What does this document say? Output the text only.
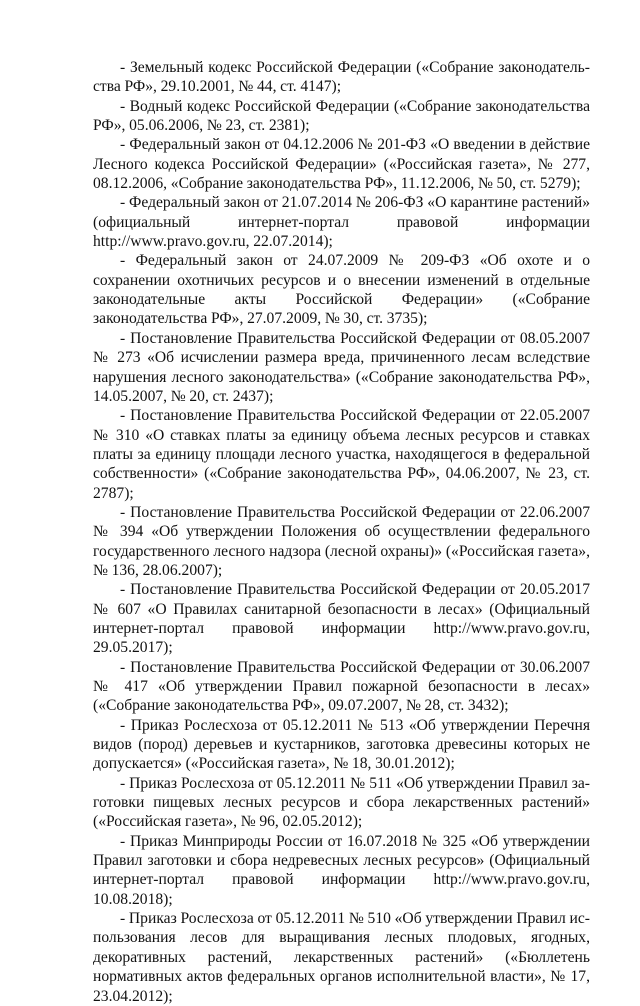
- Земельный кодекс Российской Федерации («Собрание законодательства РФ», 29.10.2001, № 44, ст. 4147);

- Водный кодекс Российской Федерации («Собрание законодательства РФ», 05.06.2006, № 23, ст. 2381);

- Федеральный закон от 04.12.2006 № 201-ФЗ «О введении в действие Лесного кодекса Российской Федерации» («Российская газета», № 277, 08.12.2006, «Собрание законодательства РФ», 11.12.2006, № 50, ст. 5279);

- Федеральный закон от 21.07.2014 № 206-ФЗ «О карантине растений» (официальный интернет-портал правовой информации http://www.pravo.gov.ru, 22.07.2014);

- Федеральный закон от 24.07.2009 № 209-ФЗ «Об охоте и о сохранении охотничьих ресурсов и о внесении изменений в отдельные законодательные акты Российской Федерации» («Собрание законодательства РФ», 27.07.2009, № 30, ст. 3735);

- Постановление Правительства Российской Федерации от 08.05.2007 № 273 «Об исчислении размера вреда, причиненного лесам вследствие нарушения лесного законодательства» («Собрание законодательства РФ», 14.05.2007, № 20, ст. 2437);

- Постановление Правительства Российской Федерации от 22.05.2007 № 310 «О ставках платы за единицу объема лесных ресурсов и ставках платы за единицу площади лесного участка, находящегося в федеральной собственности» («Собрание законодательства РФ», 04.06.2007, № 23, ст. 2787);

- Постановление Правительства Российской Федерации от 22.06.2007 № 394 «Об утверждении Положения об осуществлении федерального государственного лесного надзора (лесной охраны)» («Российская газета», № 136, 28.06.2007);

- Постановление Правительства Российской Федерации от 20.05.2017 № 607 «О Правилах санитарной безопасности в лесах» (Официальный интернет-портал правовой информации http://www.pravo.gov.ru, 29.05.2017);

- Постановление Правительства Российской Федерации от 30.06.2007 № 417 «Об утверждении Правил пожарной безопасности в лесах» («Собрание законодательства РФ», 09.07.2007, № 28, ст. 3432);

- Приказ Рослесхоза от 05.12.2011 № 513 «Об утверждении Перечня видов (пород) деревьев и кустарников, заготовка древесины которых не допускается» («Российская газета», № 18, 30.01.2012);

- Приказ Рослесхоза от 05.12.2011 № 511 «Об утверждении Правил заготовки пищевых лесных ресурсов и сбора лекарственных растений» («Российская газета», № 96, 02.05.2012);

- Приказ Минприроды России от 16.07.2018 № 325 «Об утверждении Правил заготовки и сбора недревесных лесных ресурсов» (Официальный интернет-портал правовой информации http://www.pravo.gov.ru, 10.08.2018);

- Приказ Рослесхоза от 05.12.2011 № 510 «Об утверждении Правил использования лесов для выращивания лесных плодовых, ягодных, декоративных растений, лекарственных растений» («Бюллетень нормативных актов федеральных органов исполнительной власти», № 17, 23.04.2012);
